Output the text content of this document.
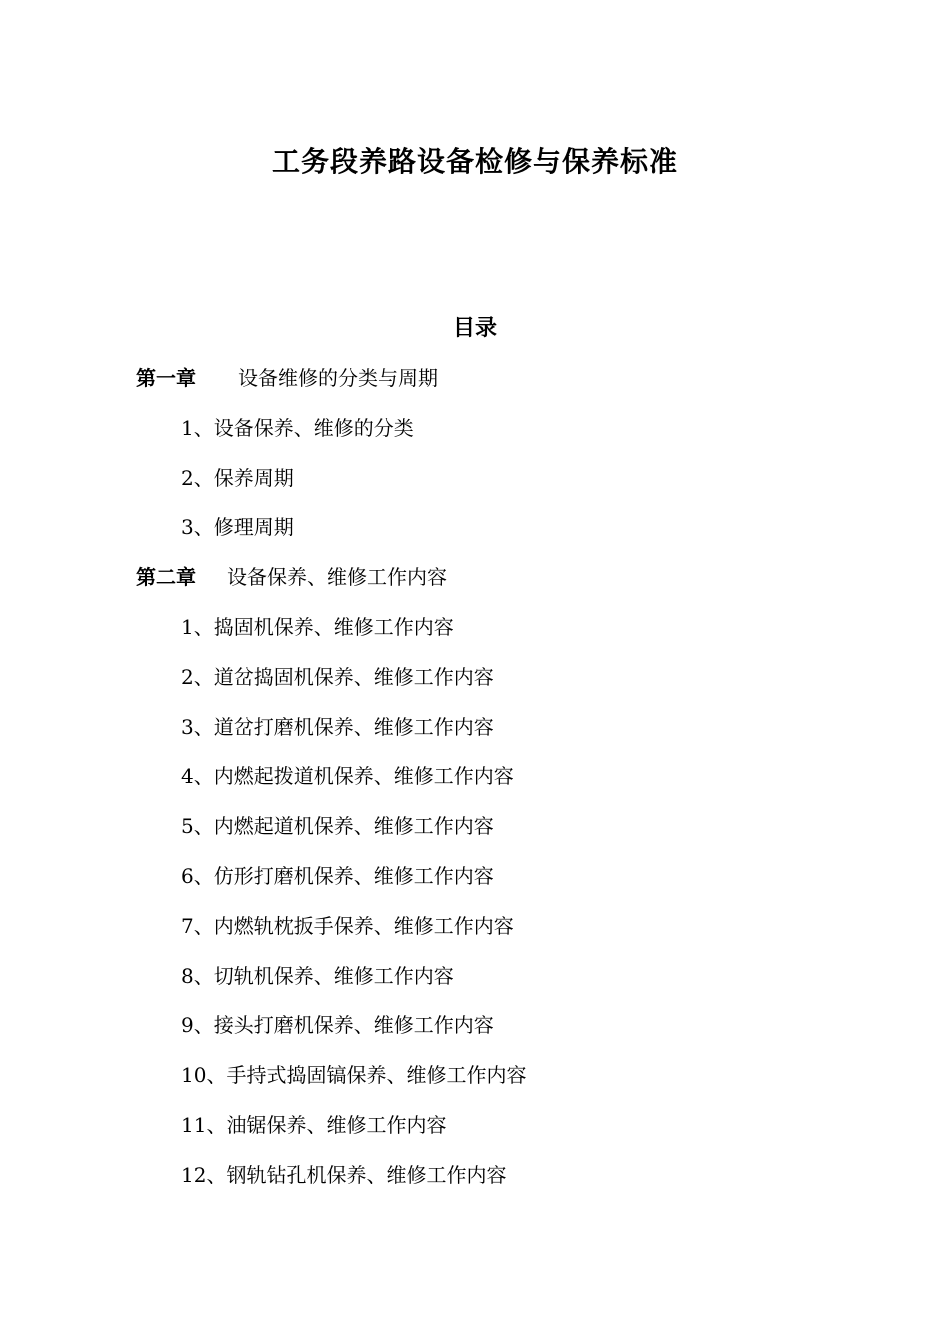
工务段养路设备检修与保养标准
目录
第一章 设备维修的分类与周期
1、设备保养、维修的分类
2、保养周期
3、修理周期
第二章 设备保养、维修工作内容
1、捣固机保养、维修工作内容
2、道岔捣固机保养、维修工作内容
3、道岔打磨机保养、维修工作内容
4、内燃起拨道机保养、维修工作内容
5、内燃起道机保养、维修工作内容
6、仿形打磨机保养、维修工作内容
7、内燃轨枕扳手保养、维修工作内容
8、切轨机保养、维修工作内容
9、接头打磨机保养、维修工作内容
10、手持式捣固镐保养、维修工作内容
11、油锯保养、维修工作内容
12、钢轨钻孔机保养、维修工作内容
